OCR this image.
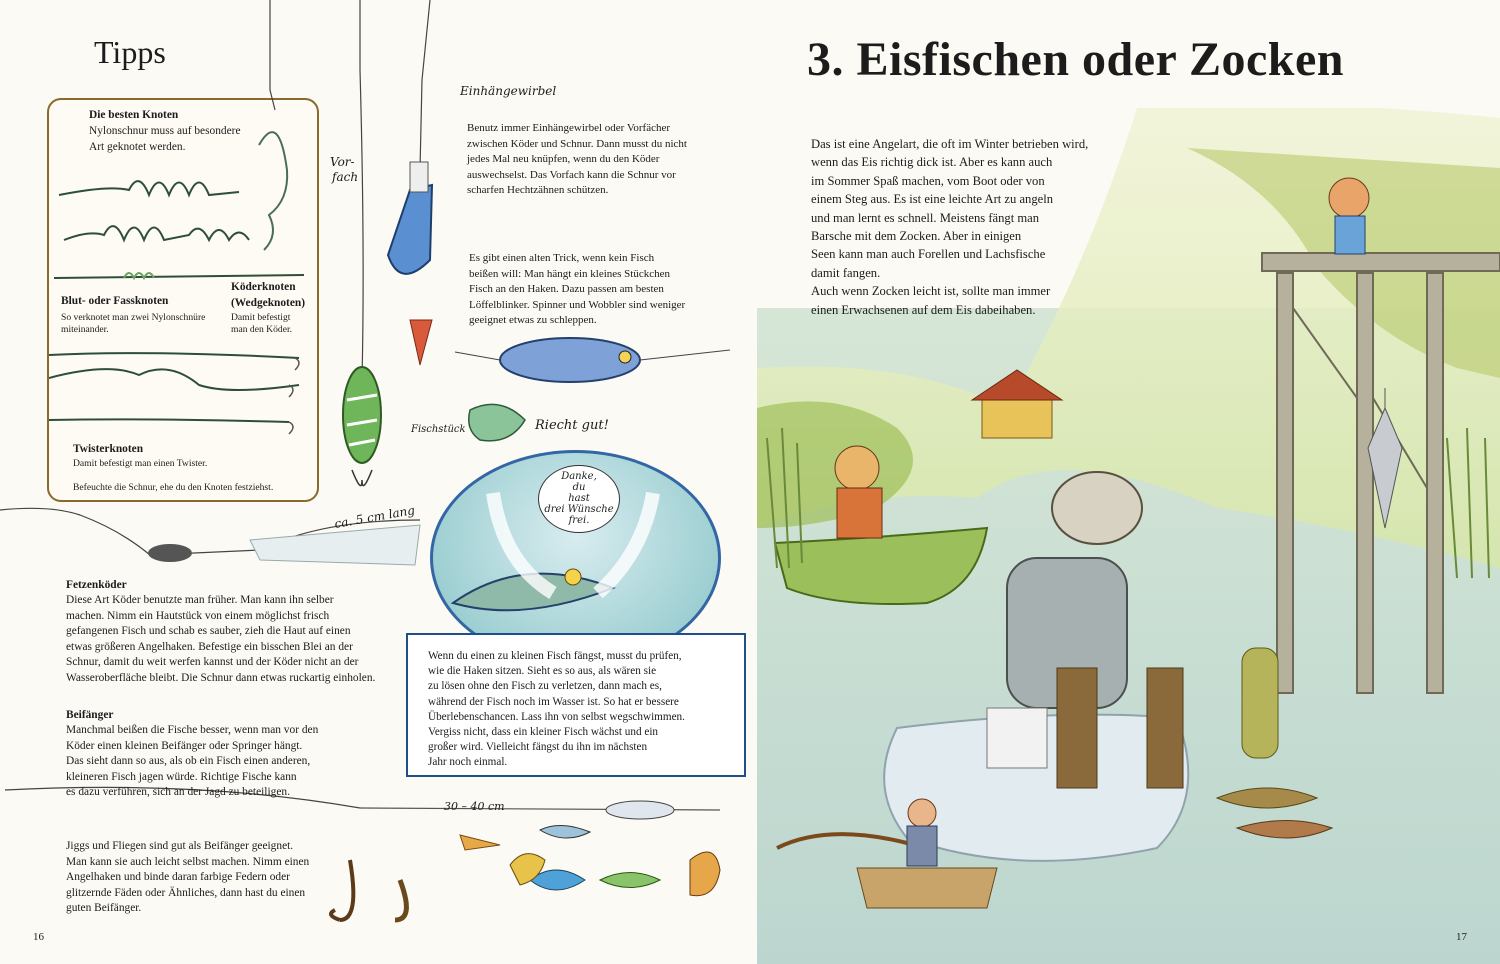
Tipps
Die besten Knoten
Nylonschnur muss auf besondere
Art geknotet werden.
Blut- oder Fassknoten
So verknotet man zwei Nylonschnüre
miteinander.
Köderknoten
(Wedgeknoten)
Damit befestigt
man den Köder.
Twisterknoten
Damit befestigt man einen Twister.
Befeuchte die Schnur, ehe du den Knoten festziehst.
Vor-
fach
Einhängewirbel
Fischstück	Riecht gut!
ca. 5 cm lang
30 – 40 cm
Benutz immer Einhängewirbel oder Vorfächer
zwischen Köder und Schnur. Dann musst du nicht
jedes Mal neu knüpfen, wenn du den Köder
auswechselst. Das Vorfach kann die Schnur vor
scharfen Hechtzähnen schützen.
Es gibt einen alten Trick, wenn kein Fisch
beißen will: Man hängt ein kleines Stückchen
Fisch an den Haken. Dazu passen am besten
Löffelblinker. Spinner und Wobbler sind weniger
geeignet etwas zu schleppen.
Danke,
du
hast
drei Wünsche
frei.
Fetzenköder
Diese Art Köder benutzte man früher. Man kann ihn selber
machen. Nimm ein Hautstück von einem möglichst frisch
gefangenen Fisch und schab es sauber, zieh die Haut auf einen
etwas größeren Angelhaken. Befestige ein bisschen Blei an der
Schnur, damit du weit werfen kannst und der Köder nicht an der
Wasseroberfläche bleibt. Die Schnur dann etwas ruckartig einholen.
Wenn du einen zu kleinen Fisch fängst, musst du prüfen,
wie die Haken sitzen. Sieht es so aus, als wären sie
zu lösen ohne den Fisch zu verletzen, dann mach es,
während der Fisch noch im Wasser ist. So hat er bessere
Überlebenschancen. Lass ihn von selbst wegschwimmen.
Vergiss nicht, dass ein kleiner Fisch wächst und ein
großer wird. Vielleicht fängst du ihn im nächsten
Jahr noch einmal.
Beifänger
Manchmal beißen die Fische besser, wenn man vor den
Köder einen kleinen Beifänger oder Springer hängt.
Das sieht dann so aus, als ob ein Fisch einen anderen,
kleineren Fisch jagen würde. Richtige Fische kann
es dazu verführen, sich an der Jagd zu beteiligen.
Jiggs und Fliegen sind gut als Beifänger geeignet.
Man kann sie auch leicht selbst machen. Nimm einen
Angelhaken und binde daran farbige Federn oder
glitzernde Fäden oder Ähnliches, dann hast du einen
guten Beifänger.
16
3. Eisfischen oder Zocken
Das ist eine Angelart, die oft im Winter betrieben wird,
wenn das Eis richtig dick ist. Aber es kann auch
im Sommer Spaß machen, vom Boot oder von
einem Steg aus. Es ist eine leichte Art zu angeln
und man lernt es schnell. Meistens fängt man
Barsche mit dem Zocken. Aber in einigen
Seen kann man auch Forellen und Lachsfische
damit fangen.
Auch wenn Zocken leicht ist, sollte man immer
einen Erwachsenen auf dem Eis dabeihaben.
17
